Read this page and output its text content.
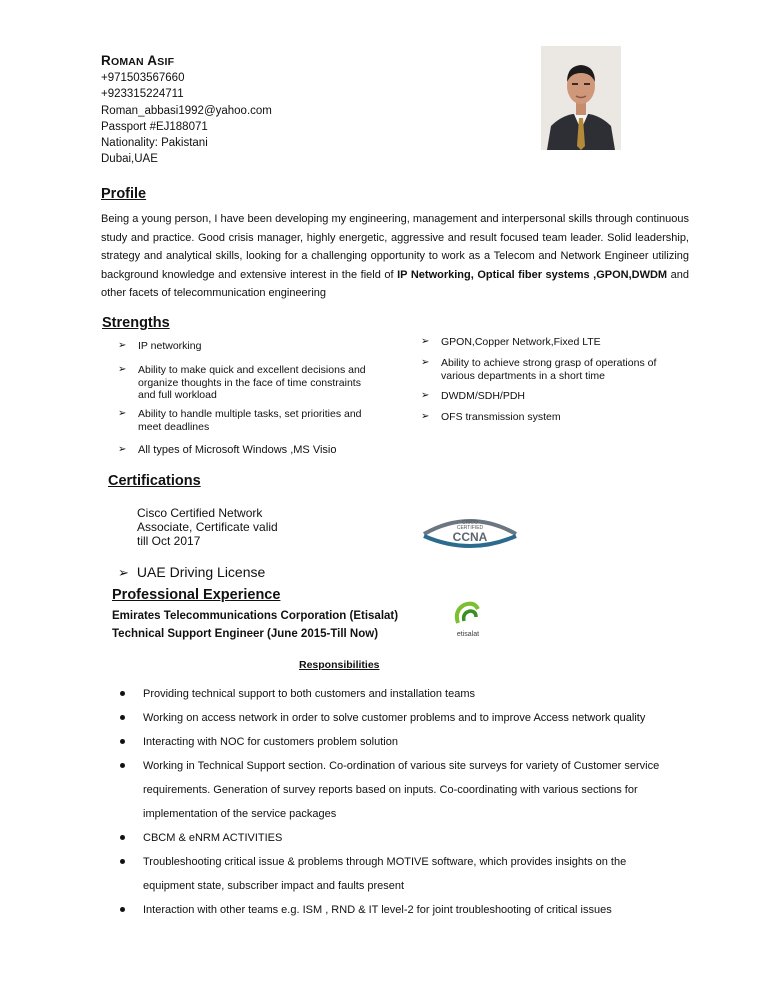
ROMAN ASIF
+971503567660
+923315224711
Roman_abbasi1992@yahoo.com
Passport #EJ188071
Nationality: Pakistani
Dubai,UAE
Profile
Being a young person, I have been developing my engineering, management and interpersonal skills through continuous study and practice. Good crisis manager, highly energetic, aggressive and result focused team leader. Solid leadership, strategy and analytical skills, looking for a challenging opportunity to work as a Telecom and Network Engineer utilizing background knowledge and extensive interest in the field of IP Networking, Optical fiber systems ,GPON,DWDM and other facets of telecommunication engineering
Strengths
➢ IP networking
➢ Ability to make quick and excellent decisions and organize thoughts in the face of time constraints and full workload
➢ Ability to handle multiple tasks, set priorities and meet deadlines
➢ All types of Microsoft Windows ,MS Visio
➢ GPON,Copper Network,Fixed LTE
➢ Ability to achieve strong grasp of operations of various departments in a short time
➢ DWDM/SDH/PDH
➢ OFS transmission system
Certifications
Cisco Certified Network
Associate, Certificate valid
till Oct 2017
CISCO
CERTIFIED
CCNA
➢ UAE Driving License
Professional Experience
Emirates Telecommunications Corporation (Etisalat)
Technical Support Engineer (June 2015-Till Now)	etisalat
Responsibilities
Providing technical support to both customers and installation teams
Working on access network in order to solve customer problems and to improve Access network quality
Interacting with NOC for customers problem solution
Working in Technical Support section. Co-ordination of various site surveys for variety of Customer service requirements. Generation of survey reports based on inputs. Co-coordinating with various sections for implementation of the service packages
CBCM & eNRM ACTIVITIES
Troubleshooting critical issue & problems through MOTIVE software, which provides insights on the equipment state, subscriber impact and faults present
Interaction with other teams e.g. ISM , RND & IT level-2 for joint troubleshooting of critical issues
